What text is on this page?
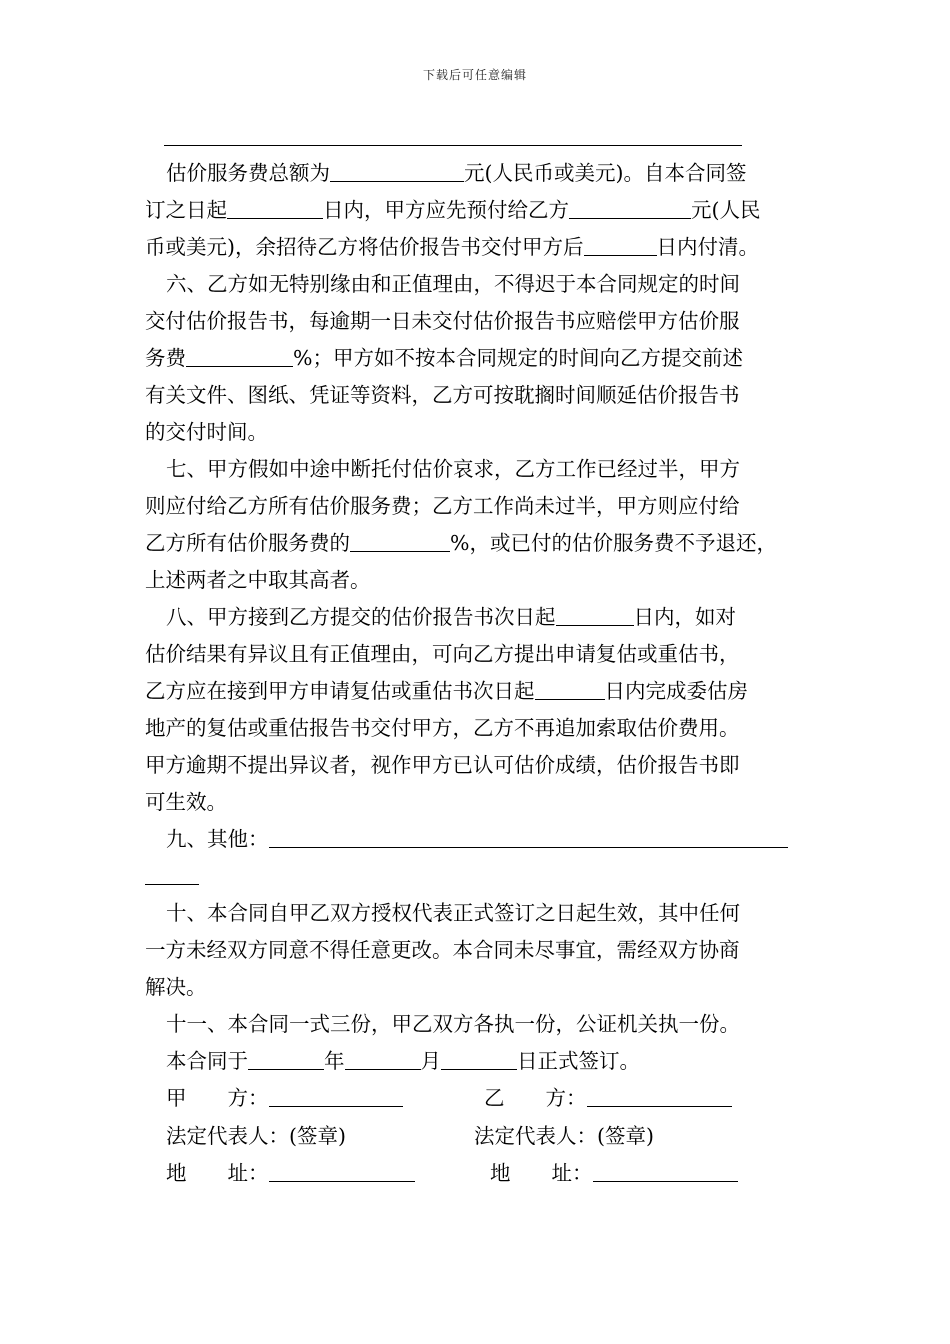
下载后可任意编辑
估价服务费总额为	元(人民币或美元)。自本合同签
订之日起	日内，甲方应先预付给乙方	元(人民
币或美元)，余招待乙方将估价报告书交付甲方后	日内付清。
六、乙方如无特别缘由和正值理由，不得迟于本合同规定的时间
交付估价报告书，每逾期一日未交付估价报告书应赔偿甲方估价服
务费	%；甲方如不按本合同规定的时间向乙方提交前述
有关文件、图纸、凭证等资料，乙方可按耽搁时间顺延估价报告书
的交付时间。
七、甲方假如中途中断托付估价哀求，乙方工作已经过半，甲方
则应付给乙方所有估价服务费；乙方工作尚未过半，甲方则应付给
乙方所有估价服务费的	%，或已付的估价服务费不予退还，
上述两者之中取其高者。
八、甲方接到乙方提交的估价报告书次日起	日内，如对
估价结果有异议且有正值理由，可向乙方提出申请复估或重估书，
乙方应在接到甲方申请复估或重估书次日起	日内完成委估房
地产的复估或重估报告书交付甲方，乙方不再追加索取估价费用。
甲方逾期不提出异议者，视作甲方已认可估价成绩，估价报告书即
可生效。
九、其他：
十、本合同自甲乙双方授权代表正式签订之日起生效，其中任何
一方未经双方同意不得任意更改。本合同未尽事宜，需经双方协商
解决。
十一、本合同一式三份，甲乙双方各执一份，公证机关执一份。
本合同于	年	月	日正式签订。
甲　　方：	乙　　方：
法定代表人：(签章)	法定代表人：(签章)
地　　址：	地　　址：
